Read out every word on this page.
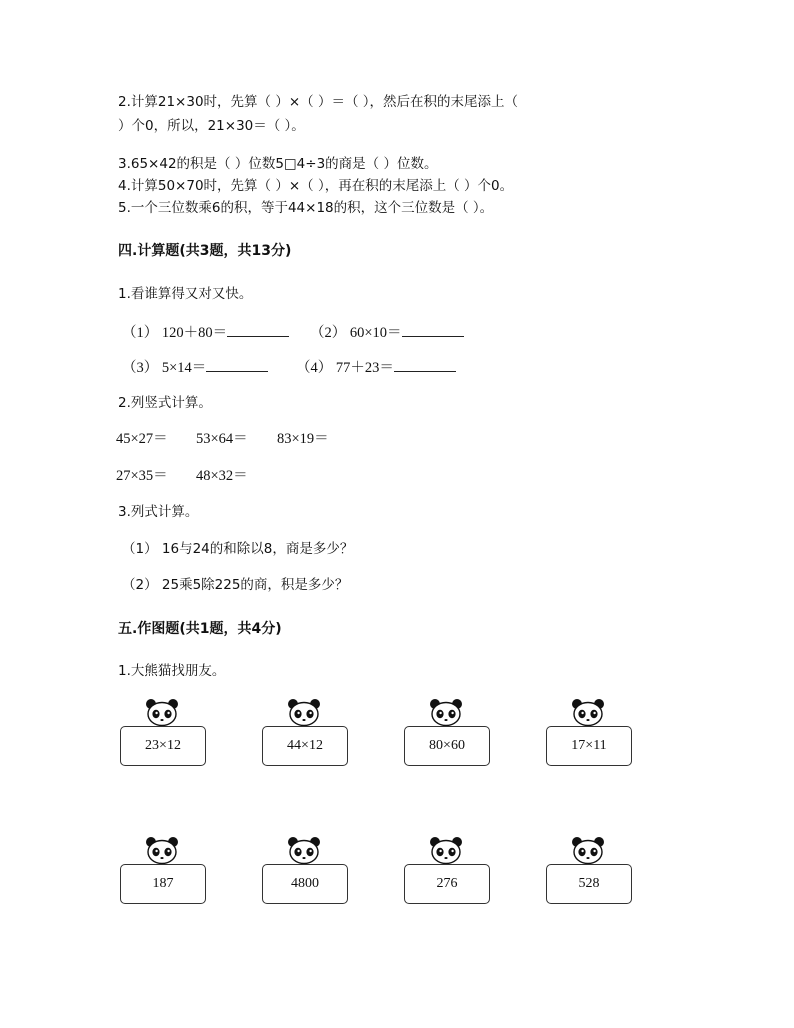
2.计算21×30时，先算（ ）×（ ）＝（ ），然后在积的末尾添上（
）个0，所以，21×30＝（ ）。
3.65×42的积是（ ）位数5□4÷3的商是（ ）位数。
4.计算50×70时，先算（ ）×（ ），再在积的末尾添上（ ）个0。
5.一个三位数乘6的积，等于44×18的积，这个三位数是（ ）。
四.计算题(共3题，共13分)
1.看谁算得又对又快。
（1） 120＋80＝	（2） 60×10＝
（3） 5×14＝	（4） 77＋23＝
2.列竖式计算。
45×27＝ 53×64＝ 83×19＝
27×35＝ 48×32＝
3.列式计算。
（1） 16与24的和除以8，商是多少？
（2） 25乘5除225的商，积是多少？
五.作图题(共1题，共4分)
1.大熊猫找朋友。
23×12	44×12	80×60	17×11
187	4800	276	528
